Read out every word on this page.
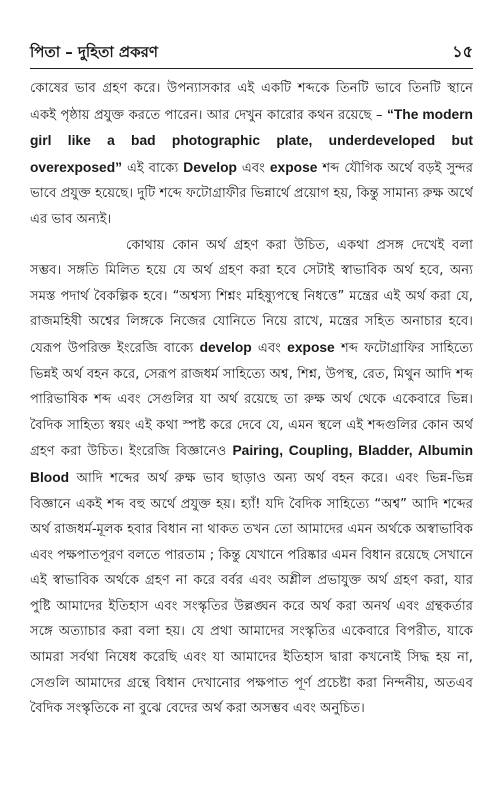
পিতা – দুহিতা প্রকরণ	১৫

কোষের ভাব গ্রহণ করে। উপন্যাসকার এই একটি শব্দকে তিনটি ভাবে তিনটি স্থানে একই পৃষ্ঠায় প্রযুক্ত করতে পারেন। আর দেখুন কারোর কথন রয়েছে – “The modern girl like a bad photographic plate, underdeveloped but overexposed” এই বাক্যে Develop এবং expose শব্দ যৌগিক অর্থে বড়ই সুন্দর ভাবে প্রযুক্ত হয়েছে। দুটি শব্দে ফটোগ্রাফীর ভিন্নার্থে প্রয়োগ হয়, কিন্তু সামান্য রুক্ষ অর্থে এর ভাব অন্যই।

কোথায় কোন অর্থ গ্রহণ করা উচিত, একথা প্রসঙ্গ দেখেই বলা সম্ভব। সঙ্গতি মিলিত হয়ে যে অর্থ গ্রহণ করা হবে সেটাই স্বাভাবিক অর্থ হবে, অন্য সমস্ত পদার্থ বৈকল্পিক হবে। “অশ্বস্য শিশ্নং মহিষ্যুপস্থে নিধত্তে” মন্ত্রের এই অর্থ করা যে, রাজমহিষী অশ্বের লিঙ্গকে নিজের যোনিতে নিয়ে রাখে, মন্ত্রের সহিত অনাচার হবে। যেরূপ উপরিক্ত ইংরেজি বাক্যে develop এবং expose শব্দ ফটোগ্রাফির সাহিত্যে ভিন্নই অর্থ বহন করে, সেরূপ রাজধর্ম সাহিত্যে অশ্ব, শিশ্ন, উপস্থ, রেত, মিথুন আদি শব্দ পারিভাষিক শব্দ এবং সেগুলির যা অর্থ রয়েছে তা রুক্ষ অর্থ থেকে একেবারে ভিন্ন। বৈদিক সাহিত্য স্বয়ং এই কথা স্পষ্ট করে দেবে যে, এমন স্থলে এই শব্দগুলির কোন অর্থ গ্রহণ করা উচিত। ইংরেজি বিজ্ঞানেও Pairing, Coupling, Bladder, Albumin Blood আদি শব্দের অর্থ রুক্ষ ভাব ছাড়াও অন্য অর্থ বহন করে। এবং ভিন্ন-ভিন্ন বিজ্ঞানে একই শব্দ বহু অর্থে প্রযুক্ত হয়। হ্যাঁ! যদি বৈদিক সাহিত্যে “অশ্ব” আদি শব্দের অর্থ রাজধর্ম-মূলক হবার বিধান না থাকত তখন তো আমাদের এমন অর্থকে অস্বাভাবিক এবং পক্ষপাতপূরণ বলতে পারতাম ; কিন্তু যেখানে পরিষ্কার এমন বিধান রয়েছে সেখানে এই স্বাভাবিক অর্থকে গ্রহণ না করে বর্বর এবং অশ্লীল প্রভাযুক্ত অর্থ গ্রহণ করা, যার পুষ্টি আমাদের ইতিহাস এবং সংস্কৃতির উল্লঙ্ঘন করে অর্থ করা অনর্থ এবং গ্রন্থকর্তার সঙ্গে অত্যাচার করা বলা হয়। যে প্রথা আমাদের সংস্কৃতির একেবারে বিপরীত, যাকে আমরা সর্বথা নিষেধ করেছি এবং যা আমাদের ইতিহাস দ্বারা কখনোই সিদ্ধ হয় না, সেগুলি আমাদের গ্রন্থে বিধান দেখানোর পক্ষপাত পূর্ণ প্রচেষ্টা করা নিন্দনীয়, অতএব বৈদিক সংস্কৃতিকে না বুঝে বেদের অর্থ করা অসম্ভব এবং অনুচিত।
